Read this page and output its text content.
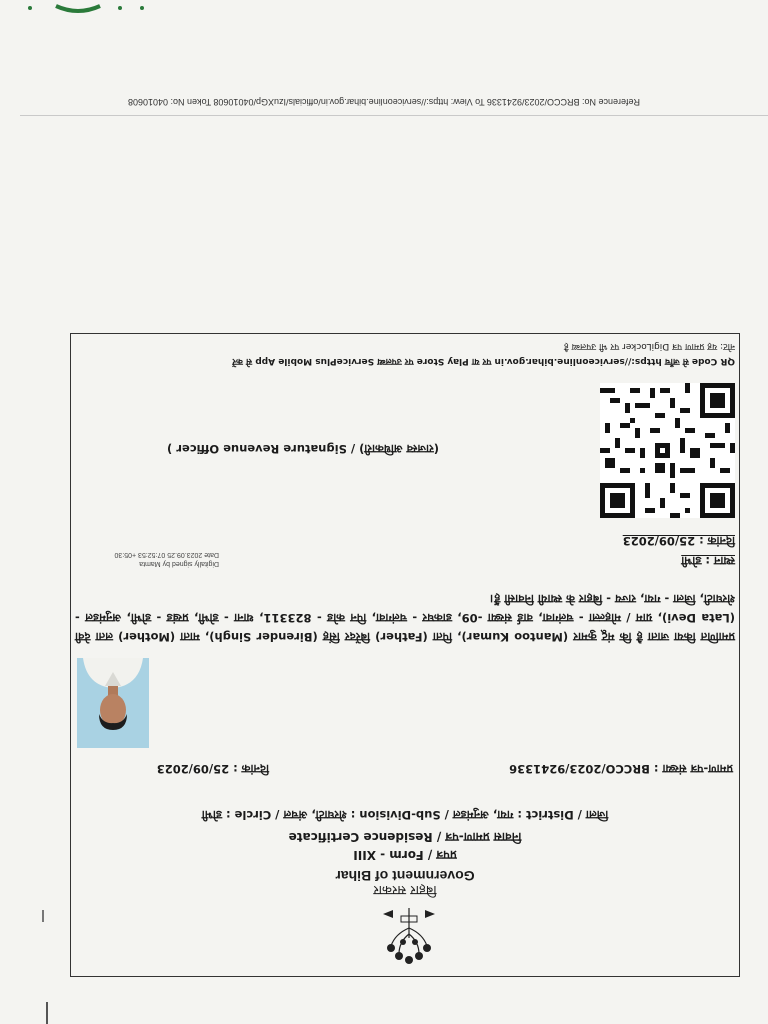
Reference No: BRCCO/2023/9241336 To View: https://serviceonline.bihar.gov.in/officials/IzuXGp/04010608 Token No: 04010608
बिहार सरकार
Government of Bihar
प्रपत्र / Form - XIII
निवास प्रमाण-पत्र / Residence Certificate
जिला / District : गया, अनुमंडल / Sub-Division : शेरघाटी, अंचल / Circle : डोभी
प्रमाण-पत्र संख्या : BRCCO/2023/9241336
दिनांक : 25/09/2023
प्रमाणित किया जाता है कि मंटू कुमार (Mantoo Kumar), पिता (Father) बिरेंदर सिंह (Birender Singh), माता (Mother) लता देवी (Lata Devi), ग्राम / मोहल्ला - चलंगवा, वार्ड संख्या -09, डाकघर - चलंगवा, पिन कोड - 823311, थाना - डोभी, प्रखंड - डोभी, अनुमंडल - शेरघाटी, जिला - गया, राज्य - बिहार के स्थायी निवासी हैं।
स्थान : डोभी
दिनांक : 25/09/2023
Digitally signed by Mamta
Date 2023.09.25 07:52:53 +05:30
(राजस्व अधिकारी) / Signature Revenue Officer )
QR Code से जाँच https://serviceonline.bihar.gov.in पर या Play Store पर उपलब्ध ServicePlus Mobile App से करें
नोट: यह प्रमाण पत्र DigiLocker पर भी उपलब्ध है
